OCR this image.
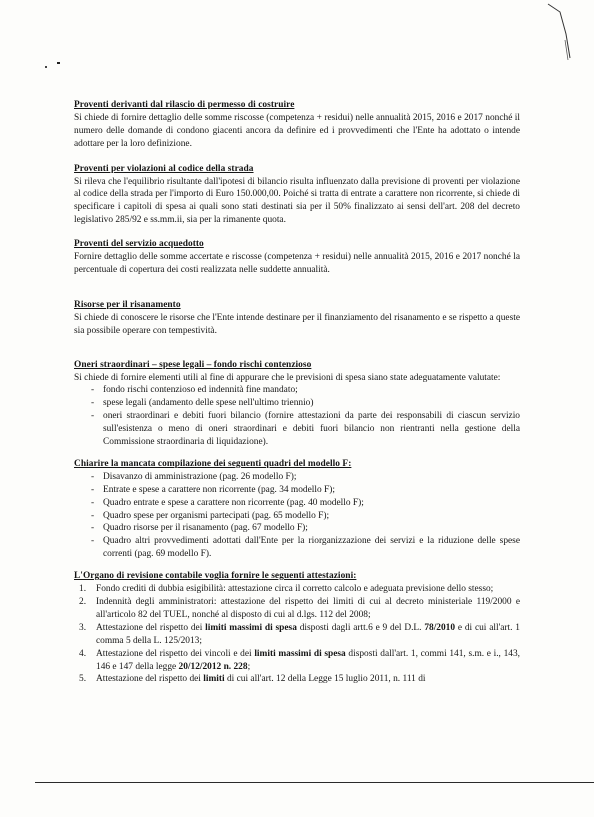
Proventi derivanti dal rilascio di permesso di costruire

Si chiede di fornire dettaglio delle somme riscosse (competenza + residui) nelle annualità 2015, 2016 e 2017 nonché il numero delle domande di condono giacenti ancora da definire ed i provvedimenti che l'Ente ha adottato o intende adottare per la loro definizione.

Proventi per violazioni al codice della strada

Si rileva che l'equilibrio risultante dall'ipotesi di bilancio risulta influenzato dalla previsione di proventi per violazione al codice della strada per l'importo di Euro 150.000,00. Poiché si tratta di entrate a carattere non ricorrente, si chiede di specificare i capitoli di spesa ai quali sono stati destinati sia per il 50% finalizzato ai sensi dell'art. 208 del decreto legislativo 285/92 e ss.mm.ii, sia per la rimanente quota.

Proventi del servizio acquedotto

Fornire dettaglio delle somme accertate e riscosse (competenza + residui) nelle annualità 2015, 2016 e 2017 nonché la percentuale di copertura dei costi realizzata nelle suddette annualità.

Risorse per il risanamento

Si chiede di conoscere le risorse che l'Ente intende destinare per il finanziamento del risanamento e se rispetto a queste sia possibile operare con tempestività.

Oneri straordinari – spese legali – fondo rischi contenzioso

Si chiede di fornire elementi utili al fine di appurare che le previsioni di spesa siano state adeguatamente valutate:

- fondo rischi contenzioso ed indennità fine mandato;
- spese legali (andamento delle spese nell'ultimo triennio)
- oneri straordinari e debiti fuori bilancio (fornire attestazioni da parte dei responsabili di ciascun servizio sull'esistenza o meno di oneri straordinari e debiti fuori bilancio non rientranti nella gestione della Commissione straordinaria di liquidazione).

Chiarire la mancata compilazione dei seguenti quadri del modello F:

- Disavanzo di amministrazione (pag. 26 modello F);
- Entrate e spese a carattere non ricorrente (pag. 34 modello F);
- Quadro entrate e spese a carattere non ricorrente (pag. 40 modello F);
- Quadro spese per organismi partecipati (pag. 65 modello F);
- Quadro risorse per il risanamento (pag. 67 modello F);
- Quadro altri provvedimenti adottati dall'Ente per la riorganizzazione dei servizi e la riduzione delle spese correnti (pag. 69 modello F).

L'Organo di revisione contabile voglia fornire le seguenti attestazioni:

1. Fondo crediti di dubbia esigibilità: attestazione circa il corretto calcolo e adeguata previsione dello stesso;
2. Indennità degli amministratori: attestazione del rispetto dei limiti di cui al decreto ministeriale 119/2000 e all'articolo 82 del TUEL, nonché al disposto di cui al d.lgs. 112 del 2008;
3. Attestazione del rispetto dei limiti massimi di spesa disposti dagli artt.6 e 9 del D.L. 78/2010 e di cui all'art. 1 comma 5 della L. 125/2013;
4. Attestazione del rispetto dei vincoli e dei limiti massimi di spesa disposti dall'art. 1, commi 141, s.m. e i., 143, 146 e 147 della legge 20/12/2012 n. 228;
5. Attestazione del rispetto dei limiti di cui all'art. 12 della Legge 15 luglio 2011, n. 111 di
